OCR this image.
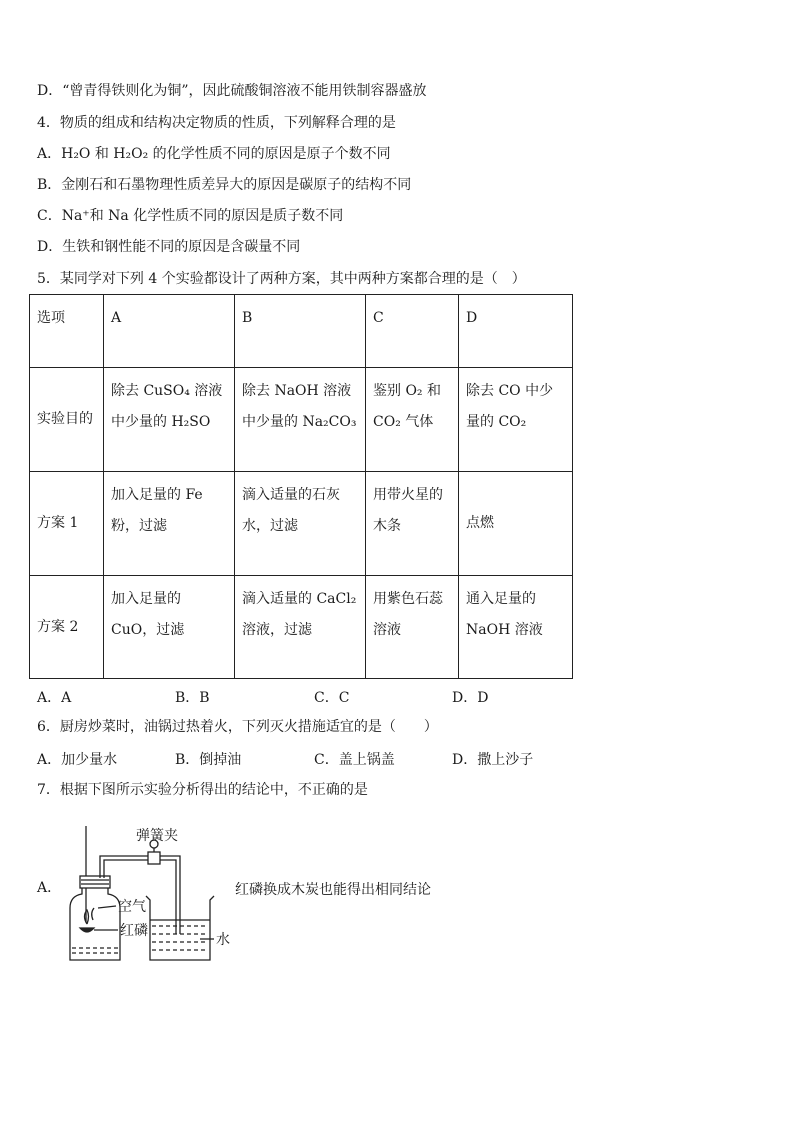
D．“曾青得铁则化为铜”，因此硫酸铜溶液不能用铁制容器盛放
4．物质的组成和结构决定物质的性质，下列解释合理的是
A．H₂O 和 H₂O₂ 的化学性质不同的原因是原子个数不同
B．金刚石和石墨物理性质差异大的原因是碳原子的结构不同
C．Na⁺和 Na 化学性质不同的原因是质子数不同
D．生铁和钢性能不同的原因是含碳量不同
5．某同学对下列 4 个实验都设计了两种方案，其中两种方案都合理的是（　）
选项	A	B	C	D
实验目的	除去 CuSO₄ 溶液中少量的 H₂SO	除去 NaOH 溶液中少量的 Na₂CO₃	鉴别 O₂ 和 CO₂ 气体	除去 CO 中少量的 CO₂
方案 1	加入足量的 Fe 粉，过滤	滴入适量的石灰水，过滤	用带火星的木条	点燃
方案 2	加入足量的 CuO，过滤	滴入适量的 CaCl₂ 溶液，过滤	用紫色石蕊溶液	通入足量的 NaOH 溶液
A．A	B．B	C．C	D．D
6．厨房炒菜时，油锅过热着火，下列灭火措施适宜的是（　　）
A．加少量水	B．倒掉油	C．盖上锅盖	D．撒上沙子
7．根据下图所示实验分析得出的结论中，不正确的是
A．
弹簧夹
空气
红磷
水
红磷换成木炭也能得出相同结论
